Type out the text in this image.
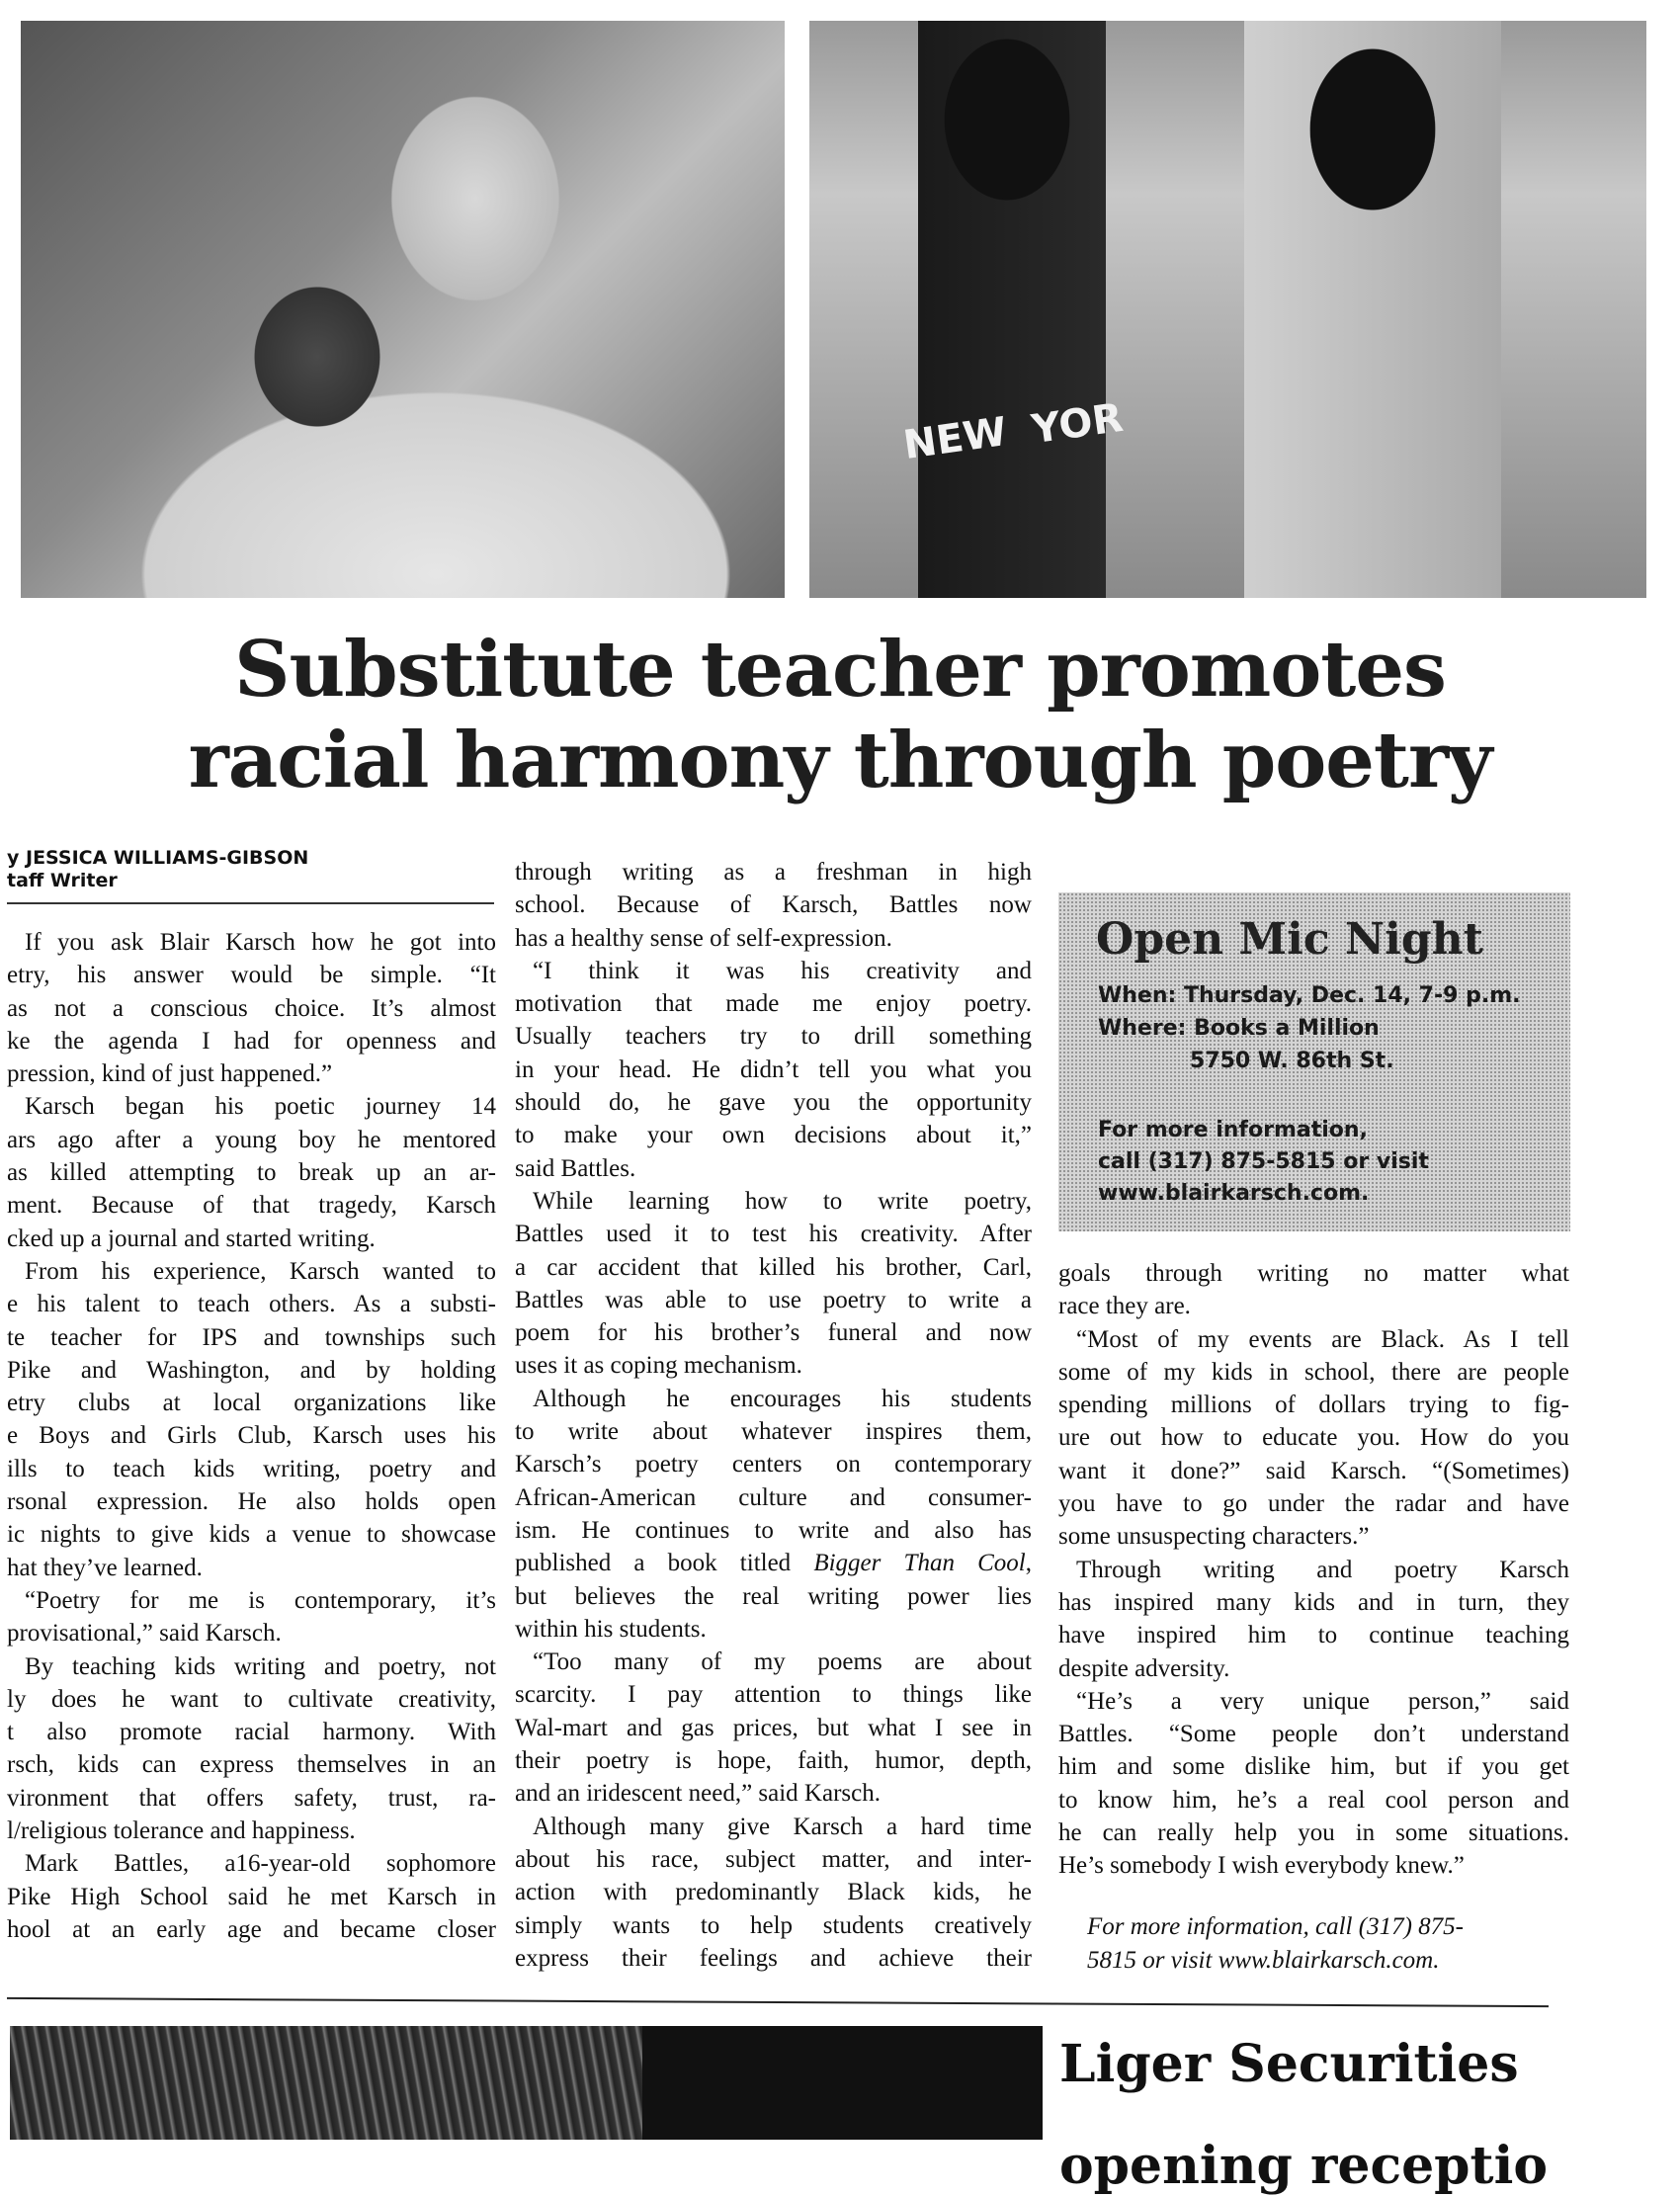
NEW YOR
Substitute teacher promotes
racial harmony through poetry
y JESSICA WILLIAMS-GIBSON
taff Writer
If you ask Blair Karsch how he got into
etry, his answer would be simple. “It
as not a conscious choice. It’s almost
ke the agenda I had for openness and
pression, kind of just happened.”
Karsch began his poetic journey 14
ars ago after a young boy he mentored
as killed attempting to break up an ar-
ment. Because of that tragedy, Karsch
cked up a journal and started writing.
From his experience, Karsch wanted to
e his talent to teach others. As a substi-
te teacher for IPS and townships such
Pike and Washington, and by holding
etry clubs at local organizations like
e Boys and Girls Club, Karsch uses his
ills to teach kids writing, poetry and
rsonal expression. He also holds open
ic nights to give kids a venue to showcase
hat they’ve learned.
“Poetry for me is contemporary, it’s
provisational,” said Karsch.
By teaching kids writing and poetry, not
ly does he want to cultivate creativity,
t also promote racial harmony. With
rsch, kids can express themselves in an
vironment that offers safety, trust, ra-
l/religious tolerance and happiness.
Mark Battles, a16-year-old sophomore
Pike High School said he met Karsch in
hool at an early age and became closer
through writing as a freshman in high
school. Because of Karsch, Battles now
has a healthy sense of self-expression.
“I think it was his creativity and
motivation that made me enjoy poetry.
Usually teachers try to drill something
in your head. He didn’t tell you what you
should do, he gave you the opportunity
to make your own decisions about it,”
said Battles.
While learning how to write poetry,
Battles used it to test his creativity. After
a car accident that killed his brother, Carl,
Battles was able to use poetry to write a
poem for his brother’s funeral and now
uses it as coping mechanism.
Although he encourages his students
to write about whatever inspires them,
Karsch’s poetry centers on contemporary
African-American culture and consumer-
ism. He continues to write and also has
published a book titled Bigger Than Cool,
but believes the real writing power lies
within his students.
“Too many of my poems are about
scarcity. I pay attention to things like
Wal-mart and gas prices, but what I see in
their poetry is hope, faith, humor, depth,
and an iridescent need,” said Karsch.
Although many give Karsch a hard time
about his race, subject matter, and inter-
action with predominantly Black kids, he
simply wants to help students creatively
express their feelings and achieve their
Open Mic Night
When: Thursday, Dec. 14, 7-9 p.m.
Where: Books a Million
5750 W. 86th St.
For more information,
call (317) 875-5815 or visit
www.blairkarsch.com.
goals through writing no matter what
race they are.
“Most of my events are Black. As I tell
some of my kids in school, there are people
spending millions of dollars trying to fig-
ure out how to educate you. How do you
want it done?” said Karsch. “(Sometimes)
you have to go under the radar and have
some unsuspecting characters.”
Through writing and poetry Karsch
has inspired many kids and in turn, they
have inspired him to continue teaching
despite adversity.
“He’s a very unique person,” said
Battles. “Some people don’t understand
him and some dislike him, but if you get
to know him, he’s a real cool person and
he can really help you in some situations.
He’s somebody I wish everybody knew.”
For more information, call (317) 875-
5815 or visit www.blairkarsch.com.
Liger Securities
opening receptio
